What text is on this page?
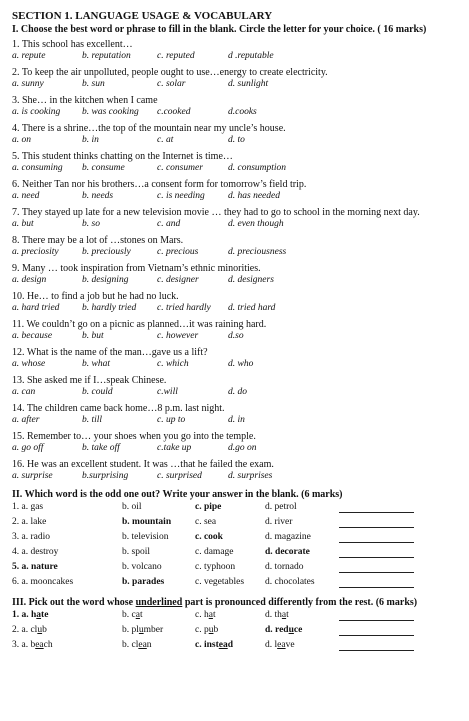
SECTION 1. LANGUAGE USAGE & VOCABULARY
I. Choose the best word or phrase to fill in the blank. Circle the letter for your choice. ( 16 marks)
1. This school has excellent…
a. repute	b. reputation	c. reputed	d .reputable
2. To keep the air unpolluted, people ought to use…energy to create electricity.
a. sunny	b. sun	c. solar	d. sunlight
3. She… in the kitchen when I came
a. is cooking b. was cooking c.cooked	d.cooks
4. There is a shrine…the top of the mountain near my uncle’s house.
a. on	b. in	c. at	d. to
5. This student thinks chatting on the Internet is time…
a. consuming b. consume	c. consumer	d. consumption
6. Neither Tan nor his brothers…a consent form for tomorrow’s field trip.
a. need	b. needs	c. is needing d. has needed
7. They stayed up late for a new television movie … they had to go to school in the morning next day.
a. but	b. so	c. and	d. even though
8. There may be a lot of …stones on Mars.
a. preciosity b. preciously	c. precious	d. preciousness
9. Many … took inspiration from Vietnam’s ethnic minorities.
a. design	b. designing	c. designer	d. designers
10. He… to find a job but he had no luck.
a. hard tried b. hardly tried c. tried hardly d. tried hard
11. We couldn’t go on a picnic as planned…it was raining hard.
a. because	b. but	c. however	d.so
12. What is the name of the man…gave us a lift?
a. whose	b. what	c. which	d. who
13. She asked me if I…speak Chinese.
a. can	b. could	c.will	d. do
14. The children came back home…8 p.m. last night.
a. after	b. till	c. up to	d. in
15. Remember to… your shoes when you go into the temple.
a. go off	b. take off	c.take up	d.go on
16. He was an excellent student. It was …that he failed the exam.
a. surprise	b.surprising	c. surprised	d. surprises
II. Which word is the odd one out? Write your answer in the blank. (6 marks)
1. a. gas	b. oil	c. pipe	d. petrol
2. a. lake	b. mountain	c. sea	d. river
3. a. radio	b. television	c. cook	d. magazine
4. a. destroy	b. spoil	c. damage	d. decorate
5. a. nature	b. volcano	c. typhoon	d. tornado
6. a. mooncakes	b. parades	c. vegetables d. chocolates
III. Pick out the word whose underlined part is pronounced differently from the rest. (6 marks)
1. a. hate	b. cat	c. hat	d. that
2. a. club	b. plumber	c. pub	d. reduce
3. a. beach	b. clean	c. instead	d. leave
